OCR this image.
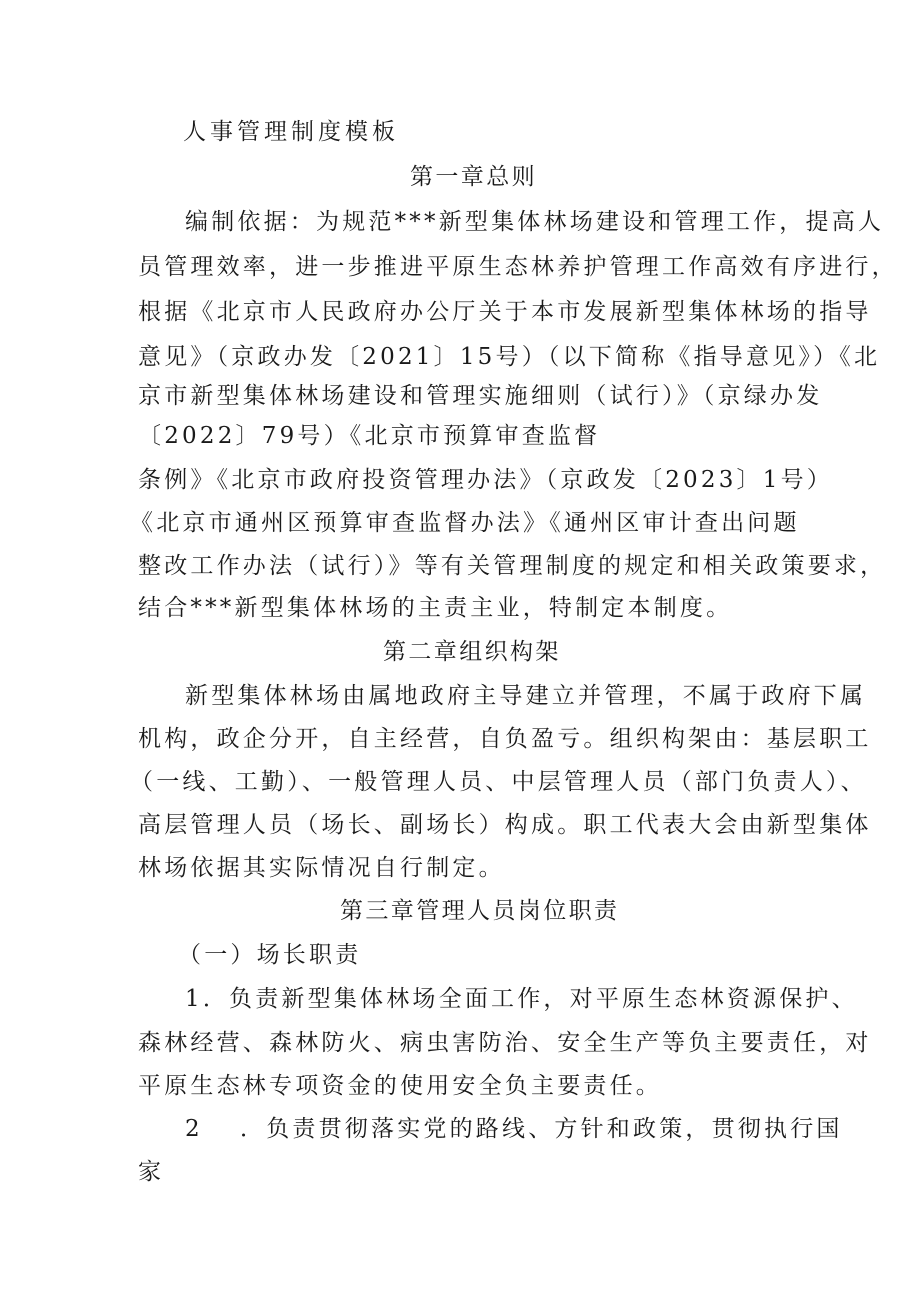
人事管理制度模板
第一章总则

编制依据：为规范***新型集体林场建设和管理工作，提高人

员管理效率，进一步推进平原生态林养护管理工作高效有序进行，

根据《北京市人民政府办公厅关于本市发展新型集体林场的指导

意见》（京政办发〔2021〕15号）（以下简称《指导意见》）《北

京市新型集体林场建设和管理实施细则（试行）》（京绿办发

〔2022〕79号）《北京市预算审查监督

条例》《北京市政府投资管理办法》（京政发〔2023〕1号）

《北京市通州区预算审查监督办法》《通州区审计查出问题

整改工作办法（试行）》等有关管理制度的规定和相关政策要求，

结合***新型集体林场的主责主业，特制定本制度。

第二章组织构架

新型集体林场由属地政府主导建立并管理，不属于政府下属

机构，政企分开，自主经营，自负盈亏。组织构架由：基层职工

（一线、工勤）、一般管理人员、中层管理人员（部门负责人）、

高层管理人员（场长、副场长）构成。职工代表大会由新型集体

林场依据其实际情况自行制定。

第三章管理人员岗位职责

（一）场长职责

1．负责新型集体林场全面工作，对平原生态林资源保护、

森林经营、森林防火、病虫害防治、安全生产等负主要责任，对

平原生态林专项资金的使用安全负主要责任。

2 ．负责贯彻落实党的路线、方针和政策，贯彻执行国

家
